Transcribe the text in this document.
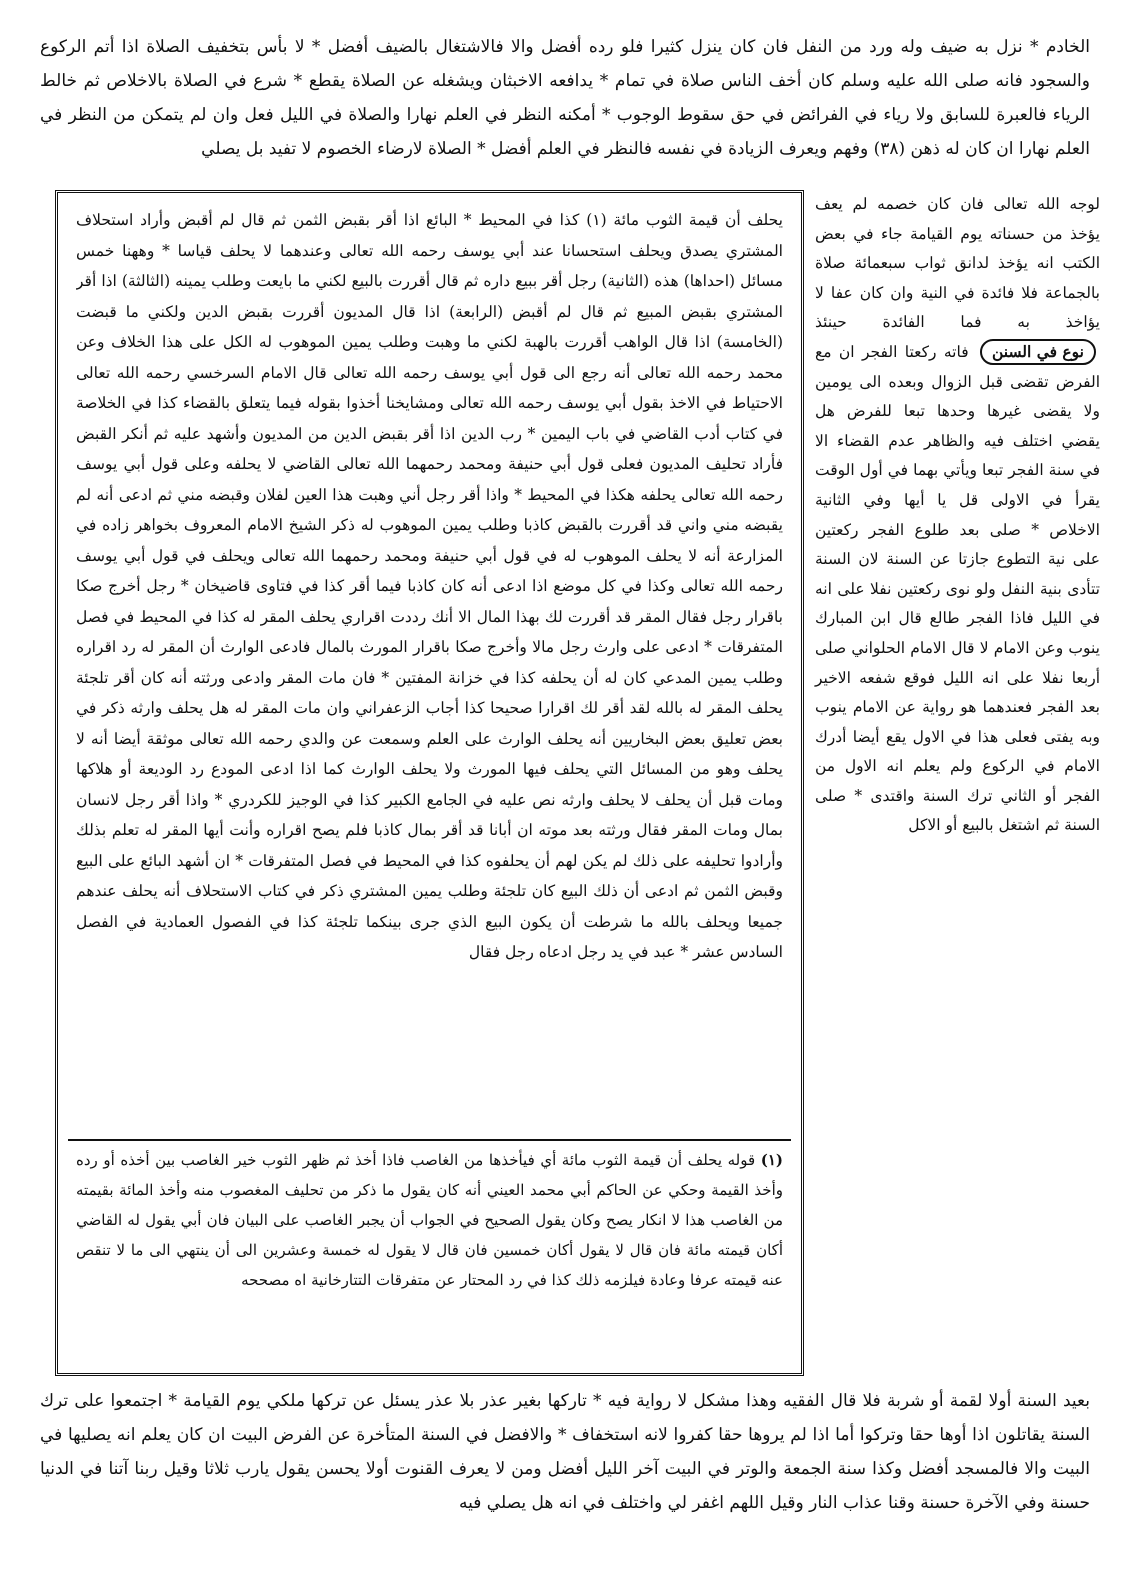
الخادم * نزل به ضيف وله ورد من النفل فان كان ينزل كثيرا فلو رده أفضل والا فالاشتغال بالضيف أفضل * لا بأس بتخفيف الصلاة اذا أتم الركوع والسجود فانه صلى الله عليه وسلم كان أخف الناس صلاة في تمام * يدافعه الاخبثان ويشغله عن الصلاة يقطع * شرع في الصلاة بالاخلاص ثم خالط الرياء فالعبرة للسابق ولا رياء في الفرائض في حق سقوط الوجوب * أمكنه النظر في العلم نهارا والصلاة في الليل فعل وان لم يتمكن من النظر في العلم نهارا ان كان له ذهن (٣٨) وفهم ويعرف الزيادة في نفسه فالنظر في العلم أفضل * الصلاة لارضاء الخصوم لا تفيد بل يصلي
لوجه الله تعالى فان كان خصمه لم يعف يؤخذ من حسناته يوم القيامة جاء في بعض الكتب انه يؤخذ لدانق ثواب سبعمائة صلاة بالجماعة فلا فائدة في النية وان كان عفا لا يؤاخذ به فما الفائدة حينئذ نوع في السنن فاته ركعتا الفجر ان مع الفرض تقضى قبل الزوال وبعده الى يومين ولا يقضى غيرها وحدها تبعا للفرض هل يقضي اختلف فيه والظاهر عدم القضاء الا في سنة الفجر تبعا ويأتي بهما في أول الوقت يقرأ في الاولى قل يا أيها وفي الثانية الاخلاص * صلى بعد طلوع الفجر ركعتين على نية التطوع جازتا عن السنة لان السنة تتأدى بنية النفل ولو نوى ركعتين نفلا على انه في الليل فاذا الفجر طالع قال ابن المبارك ينوب وعن الامام لا قال الامام الحلواني صلى أربعا نفلا على انه الليل فوقع شفعه الاخير بعد الفجر فعندهما هو رواية عن الامام ينوب وبه يفتى فعلى هذا في الاول يقع أيضا أدرك الامام في الركوع ولم يعلم انه الاول من الفجر أو الثاني ترك السنة واقتدى * صلى السنة ثم اشتغل بالبيع أو الاكل
يحلف أن قيمة الثوب مائة (١) كذا في المحيط * البائع اذا أقر بقبض الثمن ثم قال لم أقبض وأراد استحلاف المشتري يصدق ويحلف استحسانا عند أبي يوسف رحمه الله تعالى وعندهما لا يحلف قياسا * وههنا خمس مسائل (احداها) هذه (الثانية) رجل أقر ببيع داره ثم قال أقررت بالبيع لكني ما بايعت وطلب يمينه (الثالثة) اذا أقر المشتري بقبض المبيع ثم قال لم أقبض (الرابعة) اذا قال المديون أقررت بقبض الدين ولكني ما قبضت (الخامسة) اذا قال الواهب أقررت بالهبة لكني ما وهبت وطلب يمين الموهوب له الكل على هذا الخلاف وعن محمد رحمه الله تعالى أنه رجع الى قول أبي يوسف رحمه الله تعالى قال الامام السرخسي رحمه الله تعالى الاحتياط في الاخذ بقول أبي يوسف رحمه الله تعالى ومشايخنا أخذوا بقوله فيما يتعلق بالقضاء كذا في الخلاصة في كتاب أدب القاضي في باب اليمين * رب الدين اذا أقر بقبض الدين من المديون وأشهد عليه ثم أنكر القبض فأراد تحليف المديون فعلى قول أبي حنيفة ومحمد رحمهما الله تعالى القاضي لا يحلفه وعلى قول أبي يوسف رحمه الله تعالى يحلفه هكذا في المحيط * واذا أقر رجل أني وهبت هذا العين لفلان وقبضه مني ثم ادعى أنه لم يقبضه مني واني قد أقررت بالقبض كاذبا وطلب يمين الموهوب له ذكر الشيخ الامام المعروف بخواهر زاده في المزارعة أنه لا يحلف الموهوب له في قول أبي حنيفة ومحمد رحمهما الله تعالى ويحلف في قول أبي يوسف رحمه الله تعالى وكذا في كل موضع اذا ادعى أنه كان كاذبا فيما أقر كذا في فتاوى قاضيخان * رجل أخرج صكا باقرار رجل فقال المقر قد أقررت لك بهذا المال الا أنك رددت اقراري يحلف المقر له كذا في المحيط في فصل المتفرقات * ادعى على وارث رجل مالا وأخرج صكا باقرار المورث بالمال فادعى الوارث أن المقر له رد اقراره وطلب يمين المدعي كان له أن يحلفه كذا في خزانة المفتين * فان مات المقر وادعى ورثته أنه كان أقر تلجئة يحلف المقر له بالله لقد أقر لك اقرارا صحيحا كذا أجاب الزعفراني وان مات المقر له هل يحلف وارثه ذكر في بعض تعليق بعض البخاريين أنه يحلف الوارث على العلم وسمعت عن والدي رحمه الله تعالى موثقة أيضا أنه لا يحلف وهو من المسائل التي يحلف فيها المورث ولا يحلف الوارث كما اذا ادعى المودع رد الوديعة أو هلاكها ومات قبل أن يحلف لا يحلف وارثه نص عليه في الجامع الكبير كذا في الوجيز للكردري * واذا أقر رجل لانسان بمال ومات المقر فقال ورثته بعد موته ان أبانا قد أقر بمال كاذبا فلم يصح اقراره وأنت أيها المقر له تعلم بذلك وأرادوا تحليفه على ذلك لم يكن لهم أن يحلفوه كذا في المحيط في فصل المتفرقات * ان أشهد البائع على البيع وقبض الثمن ثم ادعى أن ذلك البيع كان تلجئة وطلب يمين المشتري ذكر في كتاب الاستحلاف أنه يحلف عندهم جميعا ويحلف بالله ما شرطت أن يكون البيع الذي جرى بينكما تلجئة كذا في الفصول العمادية في الفصل السادس عشر * عبد في يد رجل ادعاه رجل فقال
(١) قوله يحلف أن قيمة الثوب مائة أي فيأخذها من الغاصب فاذا أخذ ثم ظهر الثوب خير الغاصب بين أخذه أو رده وأخذ القيمة وحكي عن الحاكم أبي محمد العيني أنه كان يقول ما ذكر من تحليف المغصوب منه وأخذ المائة بقيمته من الغاصب هذا لا انكار يصح وكان يقول الصحيح في الجواب أن يجبر الغاصب على البيان فان أبي يقول له القاضي أكان قيمته مائة فان قال لا يقول أكان خمسين فان قال لا يقول له خمسة وعشرين الى أن ينتهي الى ما لا تنقص عنه قيمته عرفا وعادة فيلزمه ذلك كذا في رد المحتار عن متفرقات التتارخانية اه مصححه
بعيد السنة أولا لقمة أو شربة فلا قال الفقيه وهذا مشكل لا رواية فيه * تاركها بغير عذر بلا عذر يسئل عن تركها ملكي يوم القيامة * اجتمعوا على ترك السنة يقاتلون اذا أوها حقا وتركوا أما اذا لم يروها حقا كفروا لانه استخفاف * والافضل في السنة المتأخرة عن الفرض البيت ان كان يعلم انه يصليها في البيت والا فالمسجد أفضل وكذا سنة الجمعة والوتر في البيت آخر الليل أفضل ومن لا يعرف القنوت أولا يحسن يقول يارب ثلاثا وقيل ربنا آتنا في الدنيا حسنة وفي الآخرة حسنة وقنا عذاب النار وقيل اللهم اغفر لي واختلف في انه هل يصلي فيه
